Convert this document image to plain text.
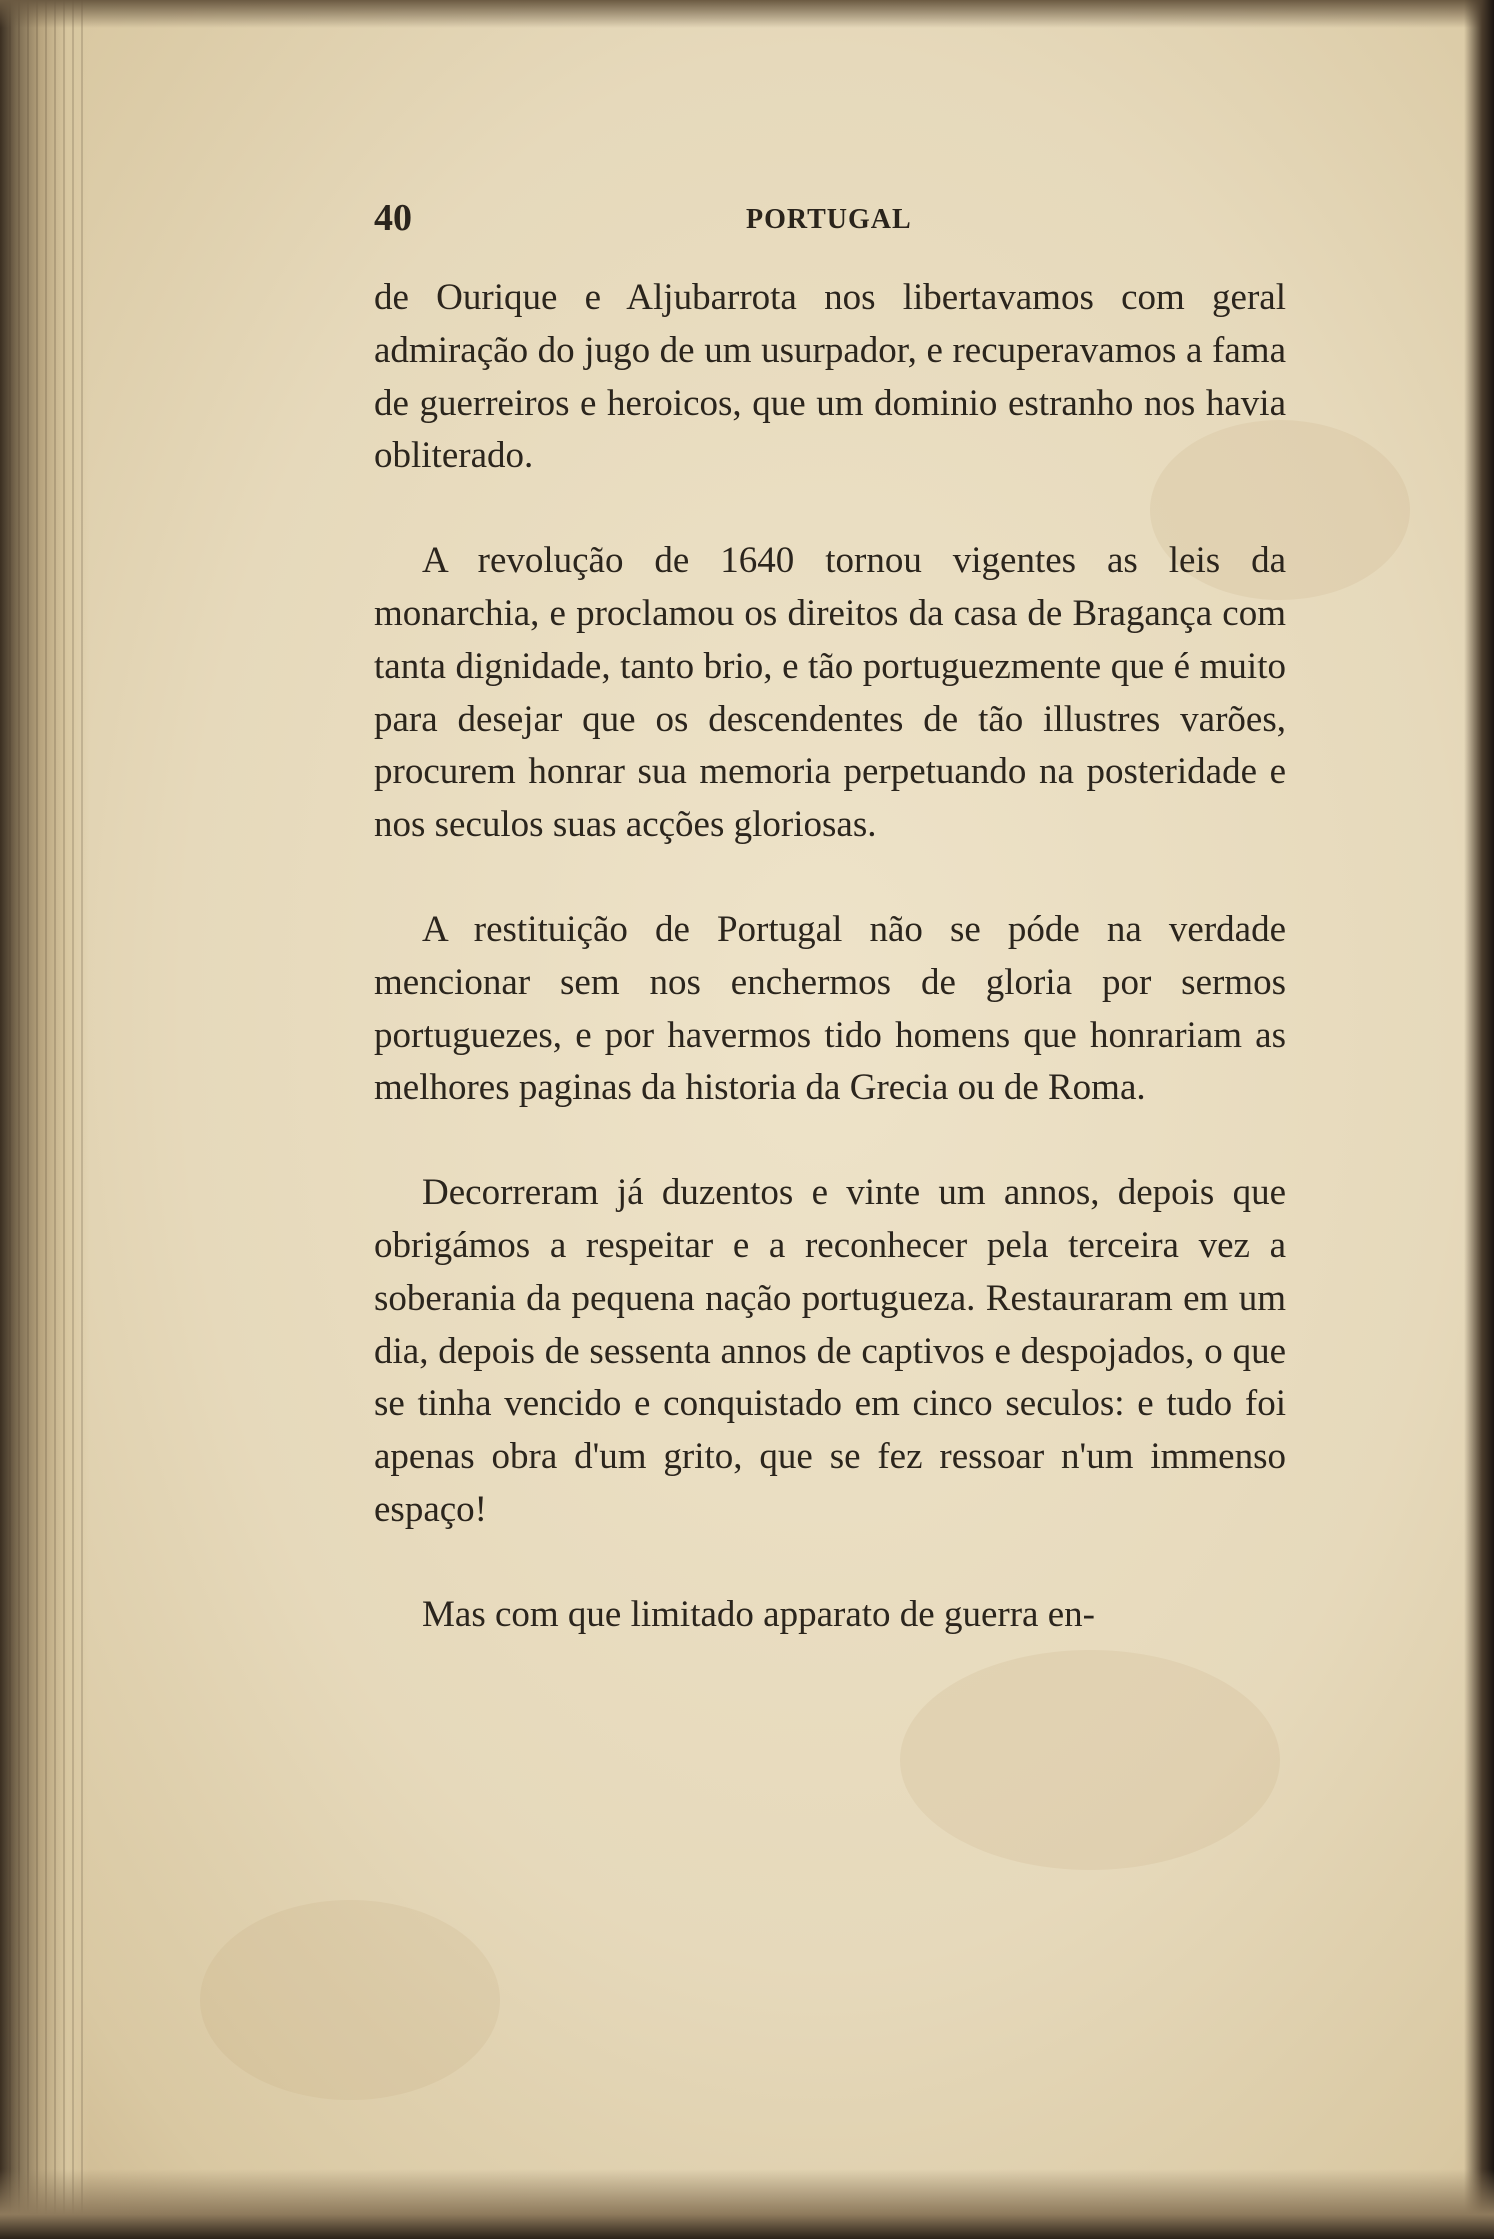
40	PORTUGAL

de Ourique e Aljubarrota nos libertavamos com geral admiração do jugo de um usurpador, e recuperavamos a fama de guerreiros e heroicos, que um dominio estranho nos havia obliterado.

A revolução de 1640 tornou vigentes as leis da monarchia, e proclamou os direitos da casa de Bragança com tanta dignidade, tanto brio, e tão portuguezmente que é muito para desejar que os descendentes de tão illustres varões, procurem honrar sua memoria perpetuando na posteridade e nos seculos suas acções gloriosas.

A restituição de Portugal não se póde na verdade mencionar sem nos enchermos de gloria por sermos portuguezes, e por havermos tido homens que honrariam as melhores paginas da historia da Grecia ou de Roma.

Decorreram já duzentos e vinte um annos, depois que obrigámos a respeitar e a reconhecer pela terceira vez a soberania da pequena nação portugueza. Restauraram em um dia, depois de sessenta annos de captivos e despojados, o que se tinha vencido e conquistado em cinco seculos: e tudo foi apenas obra d'um grito, que se fez ressoar n'um immenso espaço!

Mas com que limitado apparato de guerra en-
